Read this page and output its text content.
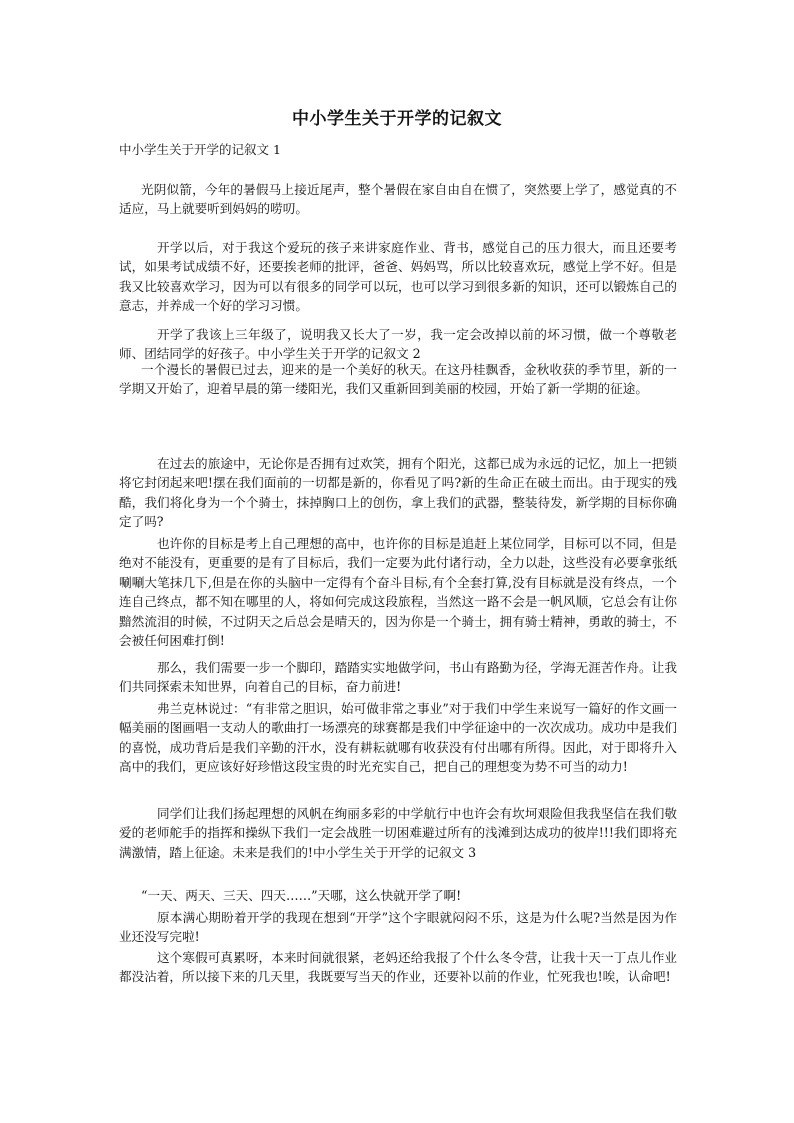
中小学生关于开学的记叙文

中小学生关于开学的记叙文 1

光阴似箭，今年的暑假马上接近尾声，整个暑假在家自由自在惯了，突然要上学了，感觉真的不适应，马上就要听到妈妈的唠叨。

开学以后，对于我这个爱玩的孩子来讲家庭作业、背书，感觉自己的压力很大，而且还要考试，如果考试成绩不好，还要挨老师的批评，爸爸、妈妈骂，所以比较喜欢玩，感觉上学不好。但是我又比较喜欢学习，因为可以有很多的同学可以玩，也可以学习到很多新的知识，还可以锻炼自己的意志，并养成一个好的学习习惯。

开学了我该上三年级了，说明我又长大了一岁，我一定会改掉以前的坏习惯，做一个尊敬老师、团结同学的好孩子。中小学生关于开学的记叙文 2

一个漫长的暑假已过去，迎来的是一个美好的秋天。在这丹桂飘香，金秋收获的季节里，新的一学期又开始了，迎着早晨的第一缕阳光，我们又重新回到美丽的校园，开始了新一学期的征途。

在过去的旅途中，无论你是否拥有过欢笑，拥有个阳光，这都已成为永远的记忆，加上一把锁将它封闭起来吧!摆在我们面前的一切都是新的，你看见了吗?新的生命正在破土而出。由于现实的残酷，我们将化身为一个个骑士，抹掉胸口上的创伤，拿上我们的武器，整装待发，新学期的目标你确定了吗?

也许你的目标是考上自己理想的高中，也许你的目标是追赶上某位同学，目标可以不同，但是绝对不能没有，更重要的是有了目标后，我们一定要为此付诸行动，全力以赴，这些没有必要拿张纸唰唰大笔抹几下,但是在你的头脑中一定得有个奋斗目标,有个全套打算,没有目标就是没有终点，一个连自己终点，都不知在哪里的人，将如何完成这段旅程，当然这一路不会是一帆风顺，它总会有让你黯然流泪的时候，不过阴天之后总会是晴天的，因为你是一个骑士，拥有骑士精神，勇敢的骑士，不会被任何困难打倒!

那么，我们需要一步一个脚印，踏踏实实地做学问，书山有路勤为径，学海无涯苦作舟。让我们共同探索未知世界，向着自己的目标，奋力前进!

弗兰克林说过：“有非常之胆识，始可做非常之事业”对于我们中学生来说写一篇好的作文画一幅美丽的图画唱一支动人的歌曲打一场漂亮的球赛都是我们中学征途中的一次次成功。成功中是我们的喜悦，成功背后是我们辛勤的汗水，没有耕耘就哪有收获没有付出哪有所得。因此，对于即将升入高中的我们，更应该好好珍惜这段宝贵的时光充实自己，把自己的理想变为势不可当的动力!

同学们让我们扬起理想的风帆在绚丽多彩的中学航行中也许会有坎坷艰险但我我坚信在我们敬爱的老师舵手的指挥和操纵下我们一定会战胜一切困难避过所有的浅滩到达成功的彼岸!!!我们即将充满激情，踏上征途。未来是我们的!中小学生关于开学的记叙文 3

“一天、两天、三天、四天……”天哪，这么快就开学了啊!

原本满心期盼着开学的我现在想到“开学”这个字眼就闷闷不乐，这是为什么呢?当然是因为作业还没写完啦!

这个寒假可真累呀，本来时间就很紧，老妈还给我报了个什么冬令营，让我十天一丁点儿作业都没沾着，所以接下来的几天里，我既要写当天的作业，还要补以前的作业，忙死我也!唉，认命吧!
